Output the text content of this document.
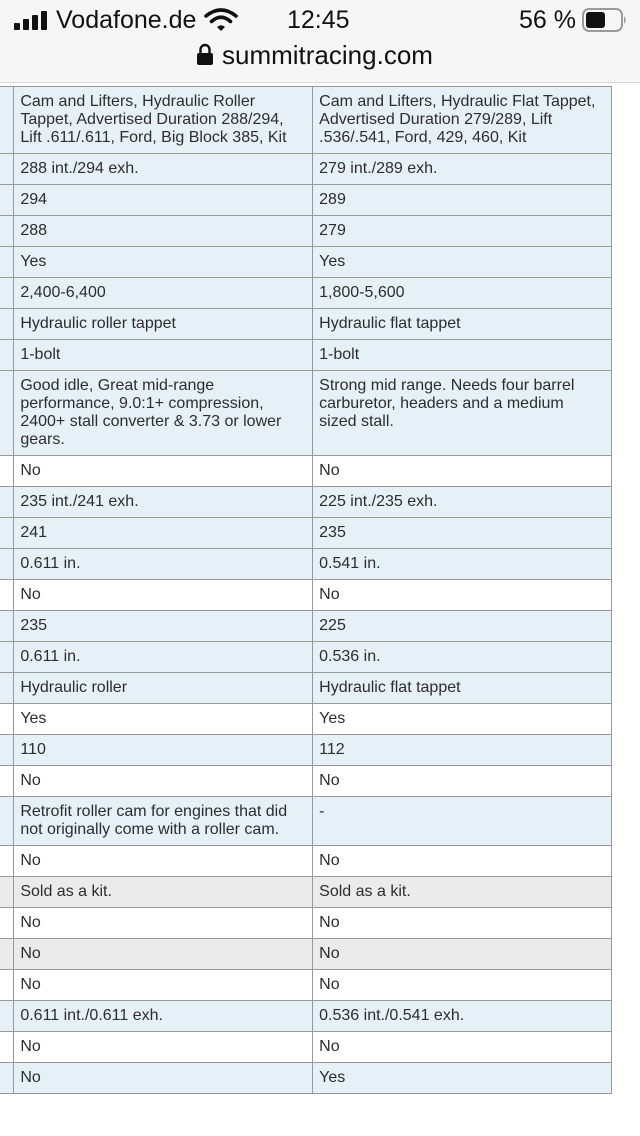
Vodafone.de	12:45	56 %
summitracing.com
	Cam and Lifters, Hydraulic Roller Tappet, Advertised Duration 288/294, Lift .611/.611, Ford, Big Block 385, Kit	Cam and Lifters, Hydraulic Flat Tappet, Advertised Duration 279/289, Lift .536/.541, Ford, 429, 460, Kit
	288 int./294 exh.	279 int./289 exh.
	294	289
	288	279
	Yes	Yes
	2,400-6,400	1,800-5,600
	Hydraulic roller tappet	Hydraulic flat tappet
	1-bolt	1-bolt
	Good idle, Great mid-range performance, 9.0:1+ compression, 2400+ stall converter & 3.73 or lower gears.	Strong mid range. Needs four barrel carburetor, headers and a medium sized stall.
	No	No
	235 int./241 exh.	225 int./235 exh.
	241	235
	0.611 in.	0.541 in.
	No	No
	235	225
	0.611 in.	0.536 in.
	Hydraulic roller	Hydraulic flat tappet
	Yes	Yes
	110	112
	No	No
	Retrofit roller cam for engines that did not originally come with a roller cam.	-
	No	No
	Sold as a kit.	Sold as a kit.
	No	No
	No	No
	No	No
	0.611 int./0.611 exh.	0.536 int./0.541 exh.
	No	No
	No	Yes
